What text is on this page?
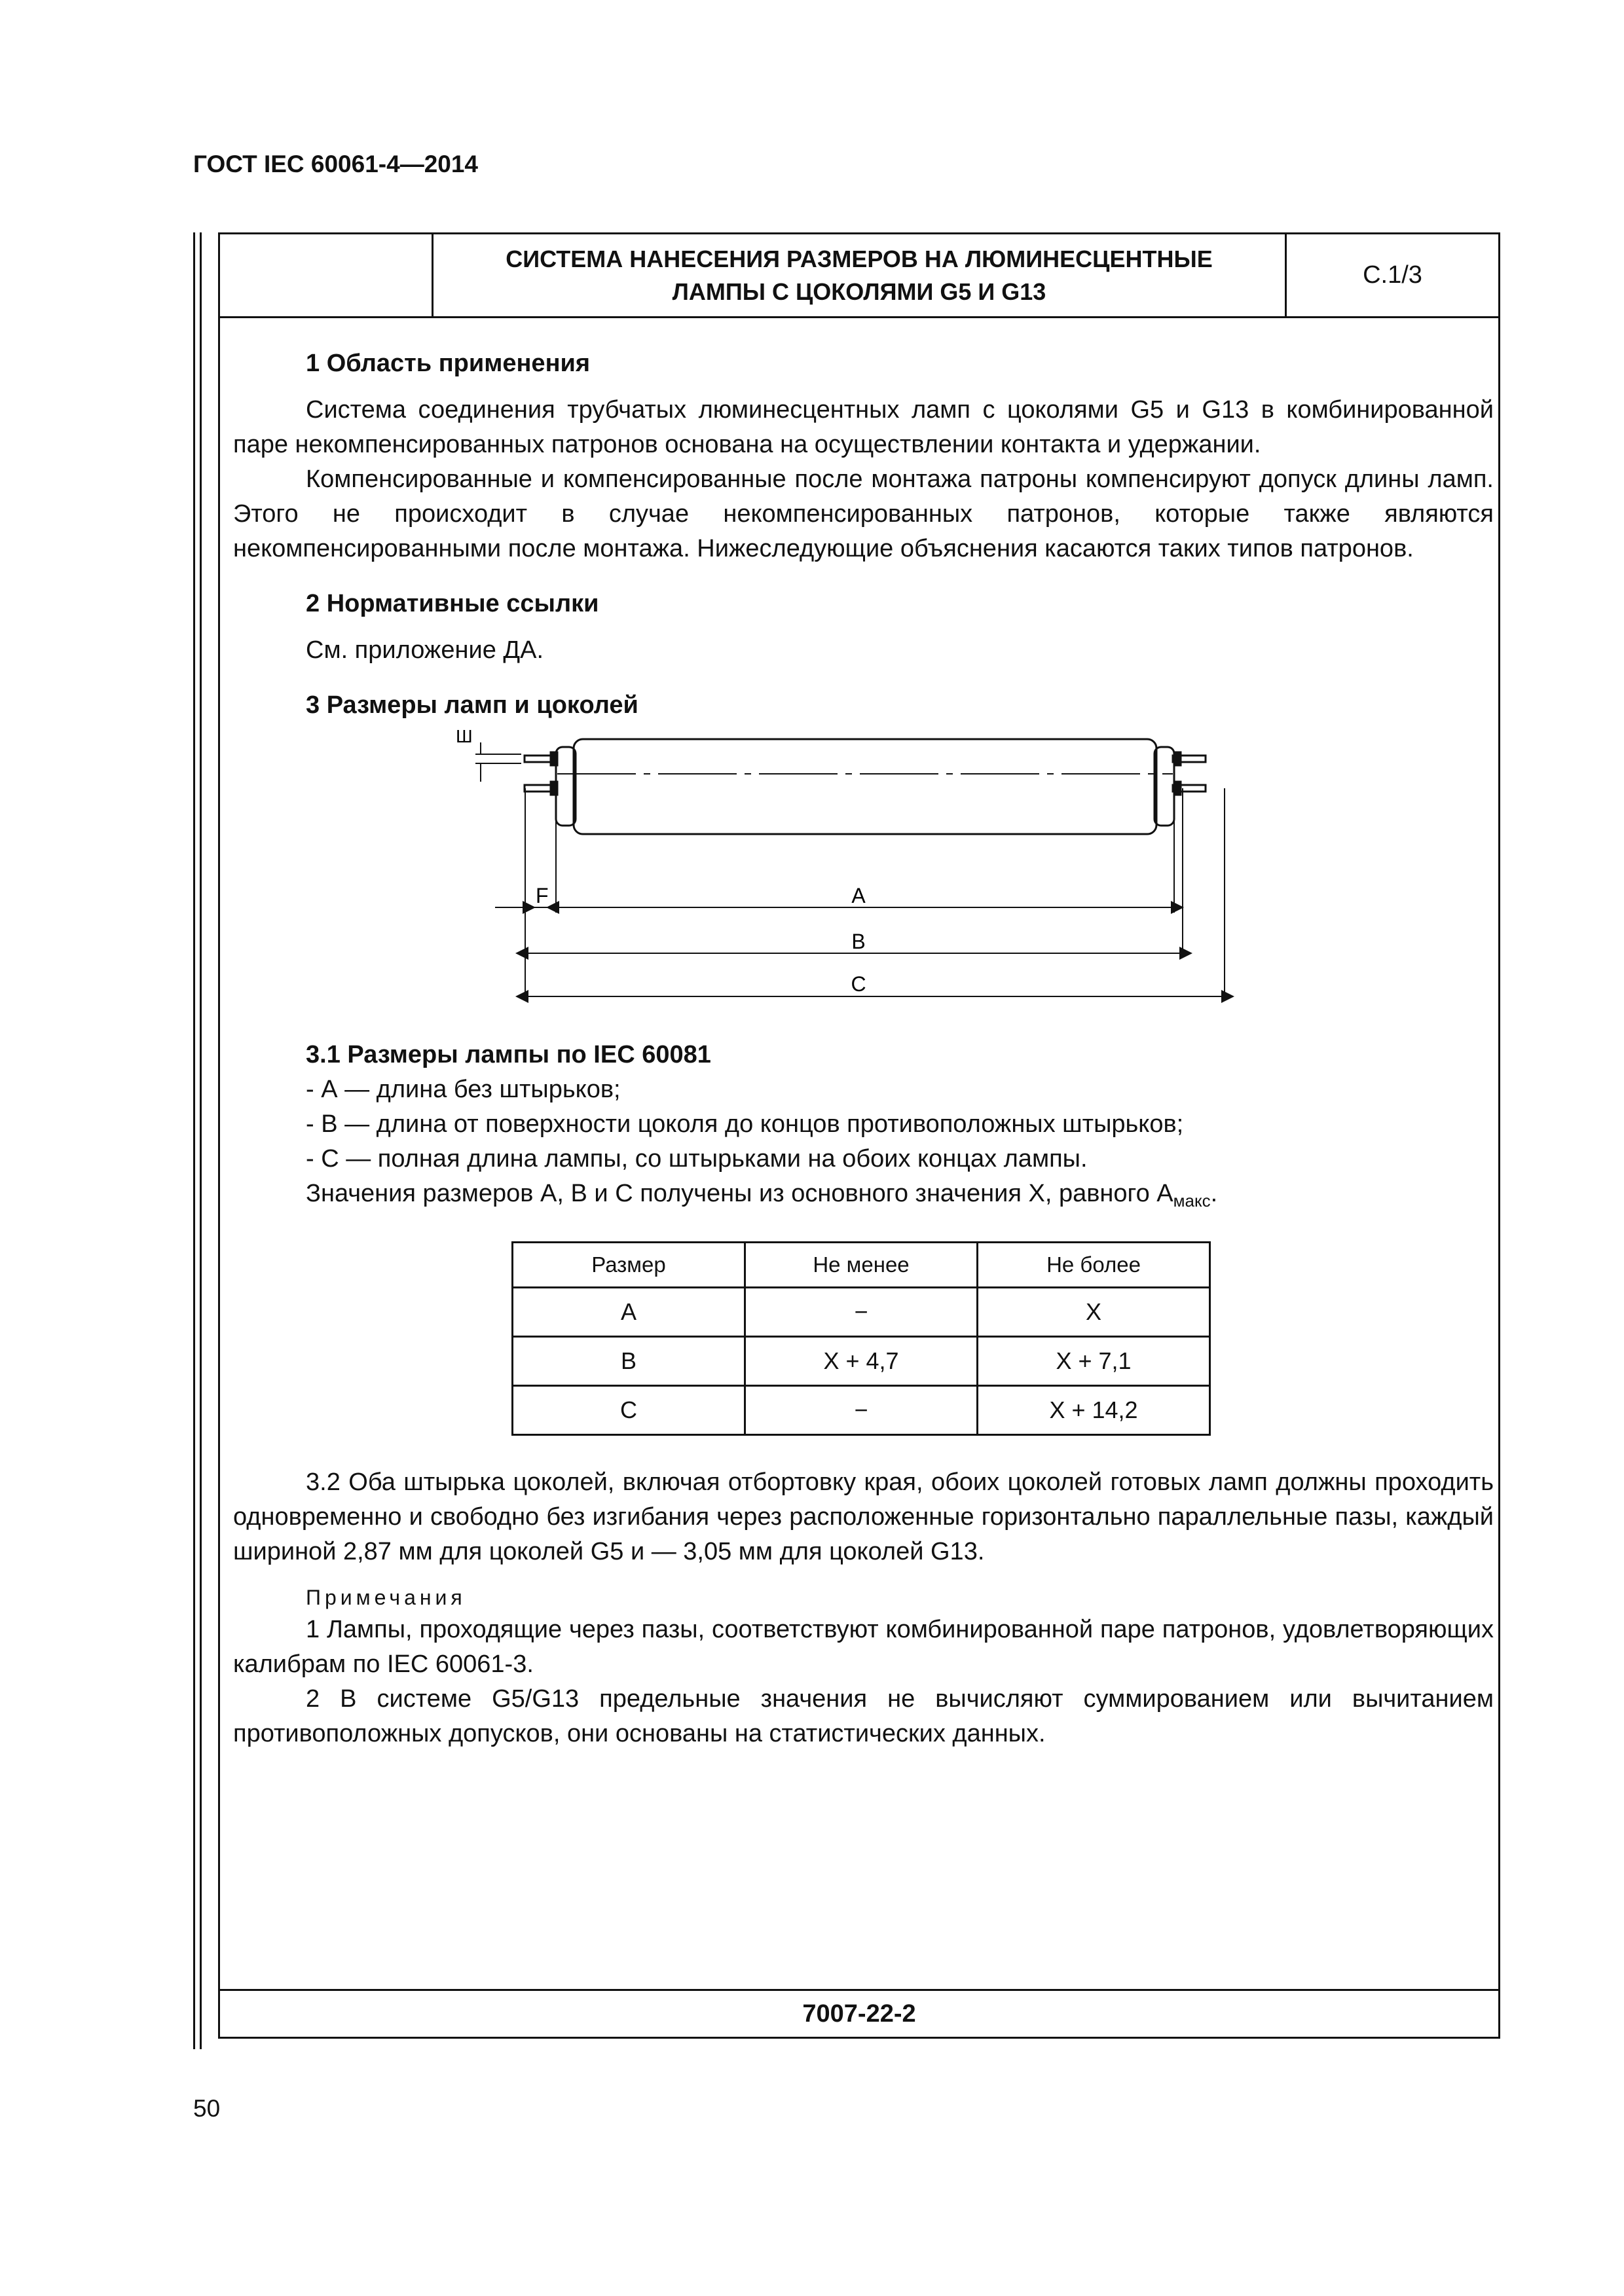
ГОСТ IEC 60061-4—2014
СИСТЕМА НАНЕСЕНИЯ РАЗМЕРОВ НА ЛЮМИНЕСЦЕНТНЫЕ
ЛАМПЫ С ЦОКОЛЯМИ G5 И G13
С.1/3
1 Область применения

Система соединения трубчатых люминесцентных ламп с цоколями G5 и G13 в комбинированной паре некомпенсированных патронов основана на осуществлении контакта и удержании.

Компенсированные и компенсированные после монтажа патроны компенсируют допуск длины ламп. Этого не происходит в случае некомпенсированных патронов, которые также являются некомпенсированными после монтажа. Нижеследующие объяснения касаются таких типов патронов.

2 Нормативные ссылки

См. приложение ДА.

3 Размеры ламп и цоколей
Ш
F	А
В
С
3.1 Размеры лампы по IEC 60081

- А — длина без штырьков;

- В — длина от поверхности цоколя до концов противоположных штырьков;

- С — полная длина лампы, со штырьками на обоих концах лампы.

Значения размеров А, В и С получены из основного значения Х, равного $А_{макс}$.

Размер	Не менее	Не более
А	−	Х
В	Х + 4,7	Х + 7,1
С	−	Х + 14,2

3.2 Оба штырька цоколей, включая отбортовку края, обоих цоколей готовых ламп должны проходить одновременно и свободно без изгибания через расположенные горизонтально параллельные пазы, каждый шириной 2,87 мм для цоколей G5 и — 3,05 мм для цоколей G13.

Примечания

1 Лампы, проходящие через пазы, соответствуют комбинированной паре патронов, удовлетворяющих калибрам по IEC 60061-3.

2 В системе G5/G13 предельные значения не вычисляют суммированием или вычитанием противоположных допусков, они основаны на статистических данных.

7007-22-2
50
